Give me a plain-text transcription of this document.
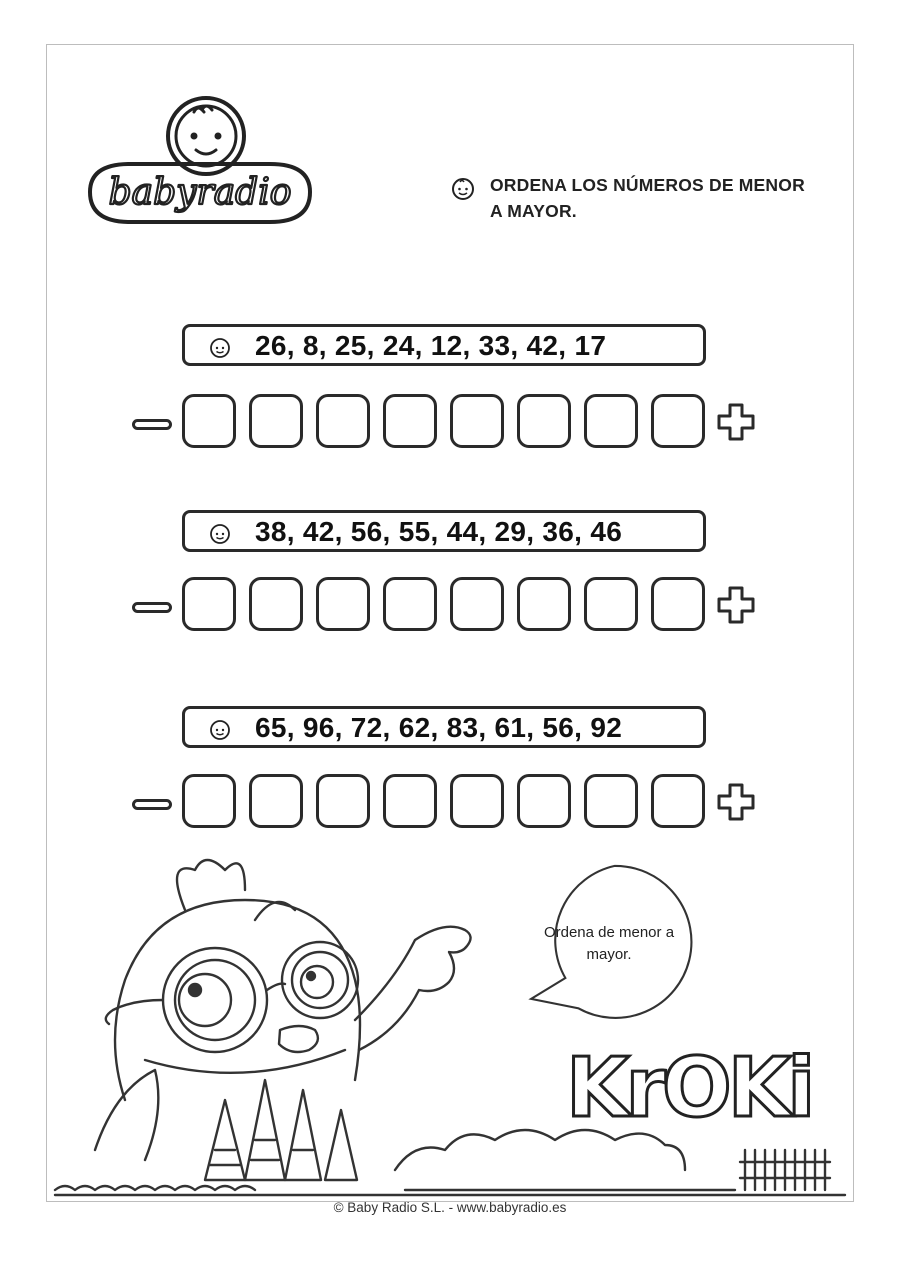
babyradio	ORDENA LOS NÚMEROS DE MENOR A MAYOR.
26, 8, 25, 24, 12, 33, 42, 17
38, 42, 56, 55, 44, 29, 36, 46
65, 96, 72, 62, 83, 61, 56, 92
Ordena de menor a mayor.
KrOKi
© Baby Radio S.L. - www.babyradio.es
